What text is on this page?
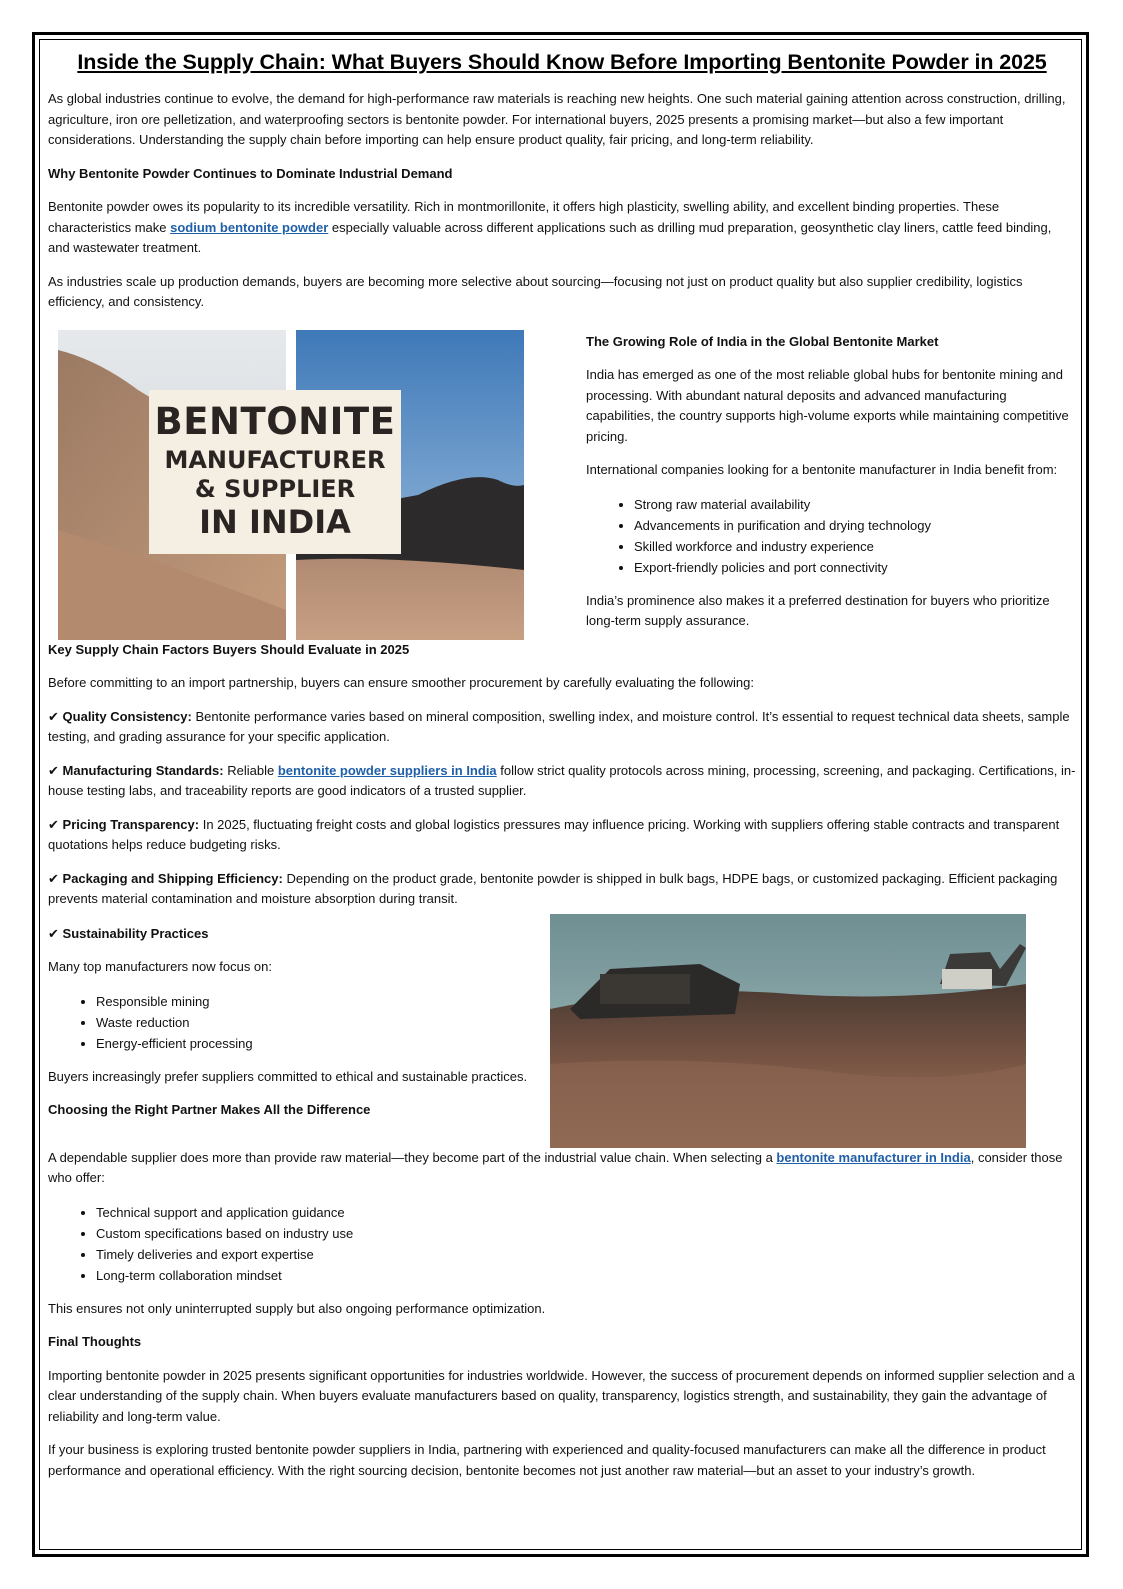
Inside the Supply Chain: What Buyers Should Know Before Importing Bentonite Powder in 2025

As global industries continue to evolve, the demand for high-performance raw materials is reaching new heights. One such material gaining attention across construction, drilling, agriculture, iron ore pelletization, and waterproofing sectors is bentonite powder. For international buyers, 2025 presents a promising market—but also a few important considerations. Understanding the supply chain before importing can help ensure product quality, fair pricing, and long-term reliability.

Why Bentonite Powder Continues to Dominate Industrial Demand

Bentonite powder owes its popularity to its incredible versatility. Rich in montmorillonite, it offers high plasticity, swelling ability, and excellent binding properties. These characteristics make sodium bentonite powder especially valuable across different applications such as drilling mud preparation, geosynthetic clay liners, cattle feed binding, and wastewater treatment.

As industries scale up production demands, buyers are becoming more selective about sourcing—focusing not just on product quality but also supplier credibility, logistics efficiency, and consistency.

BENTONITE
MANUFACTURER
& SUPPLIER
IN INDIA

The Growing Role of India in the Global Bentonite Market

India has emerged as one of the most reliable global hubs for bentonite mining and processing. With abundant natural deposits and advanced manufacturing capabilities, the country supports high-volume exports while maintaining competitive pricing.

International companies looking for a bentonite manufacturer in India benefit from:

• Strong raw material availability
• Advancements in purification and drying technology
• Skilled workforce and industry experience
• Export-friendly policies and port connectivity

India’s prominence also makes it a preferred destination for buyers who prioritize long-term supply assurance.

Key Supply Chain Factors Buyers Should Evaluate in 2025

Before committing to an import partnership, buyers can ensure smoother procurement by carefully evaluating the following:

✔ Quality Consistency: Bentonite performance varies based on mineral composition, swelling index, and moisture control. It’s essential to request technical data sheets, sample testing, and grading assurance for your specific application.

✔ Manufacturing Standards: Reliable bentonite powder suppliers in India follow strict quality protocols across mining, processing, screening, and packaging. Certifications, in-house testing labs, and traceability reports are good indicators of a trusted supplier.

✔ Pricing Transparency: In 2025, fluctuating freight costs and global logistics pressures may influence pricing. Working with suppliers offering stable contracts and transparent quotations helps reduce budgeting risks.

✔ Packaging and Shipping Efficiency: Depending on the product grade, bentonite powder is shipped in bulk bags, HDPE bags, or customized packaging. Efficient packaging prevents material contamination and moisture absorption during transit.

✔ Sustainability Practices

Many top manufacturers now focus on:

• Responsible mining
• Waste reduction
• Energy-efficient processing

Buyers increasingly prefer suppliers committed to ethical and sustainable practices.

Choosing the Right Partner Makes All the Difference

A dependable supplier does more than provide raw material—they become part of the industrial value chain. When selecting a bentonite manufacturer in India, consider those who offer:

• Technical support and application guidance
• Custom specifications based on industry use
• Timely deliveries and export expertise
• Long-term collaboration mindset

This ensures not only uninterrupted supply but also ongoing performance optimization.

Final Thoughts

Importing bentonite powder in 2025 presents significant opportunities for industries worldwide. However, the success of procurement depends on informed supplier selection and a clear understanding of the supply chain. When buyers evaluate manufacturers based on quality, transparency, logistics strength, and sustainability, they gain the advantage of reliability and long-term value.

If your business is exploring trusted bentonite powder suppliers in India, partnering with experienced and quality-focused manufacturers can make all the difference in product performance and operational efficiency. With the right sourcing decision, bentonite becomes not just another raw material—but an asset to your industry’s growth.
